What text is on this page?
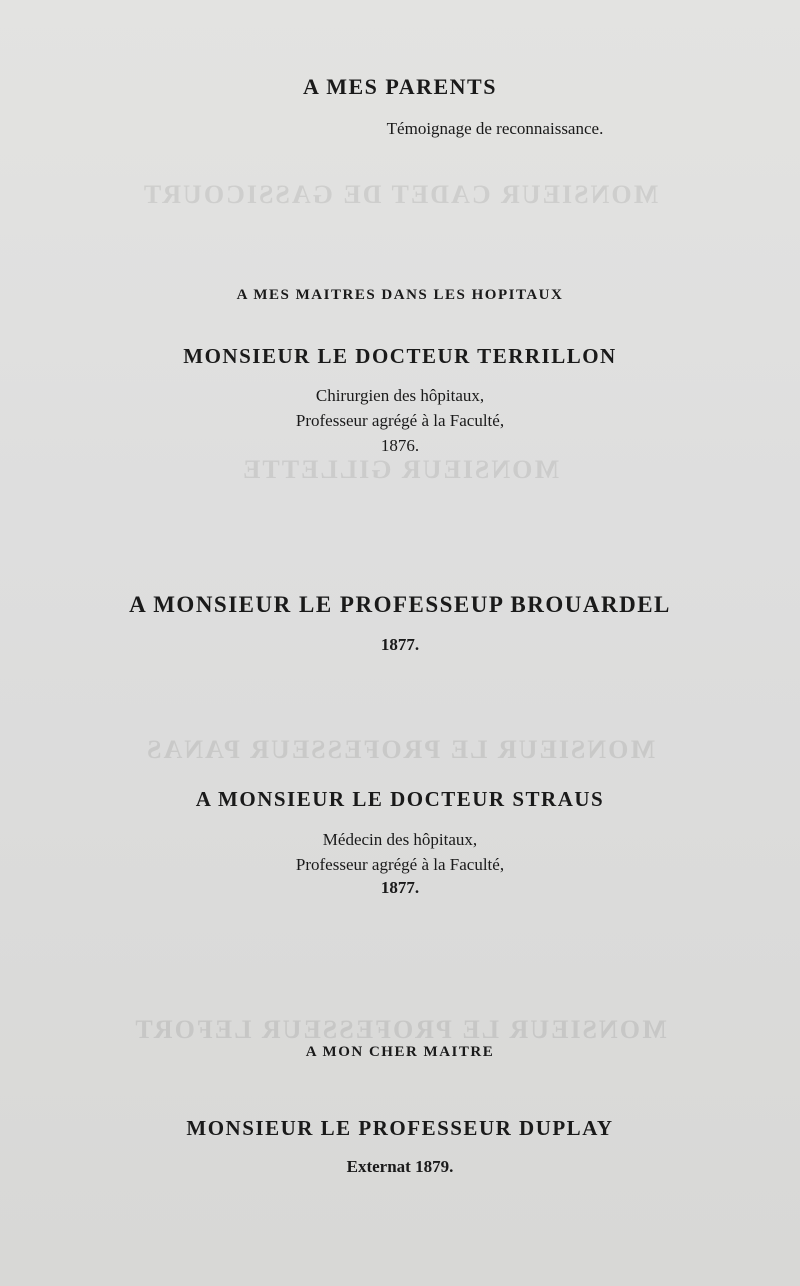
MONSIEUR CADET DE GASSICOURT
MONSIEUR GILLETTE
MONSIEUR LE PROFESSEUR PANAS
MONSIEUR LE PROFESSEUR LEFORT
A MES PARENTS
Témoignage de reconnaissance.
A MES MAITRES DANS LES HOPITAUX
MONSIEUR LE DOCTEUR TERRILLON
Chirurgien des hôpitaux,
Professeur agrégé à la Faculté,
1876.
A MONSIEUR LE PROFESSEUP BROUARDEL
1877.
A MONSIEUR LE DOCTEUR STRAUS
Médecin des hôpitaux,
Professeur agrégé à la Faculté,
1877.
A MON CHER MAITRE
MONSIEUR LE PROFESSEUR DUPLAY
Externat 1879.
